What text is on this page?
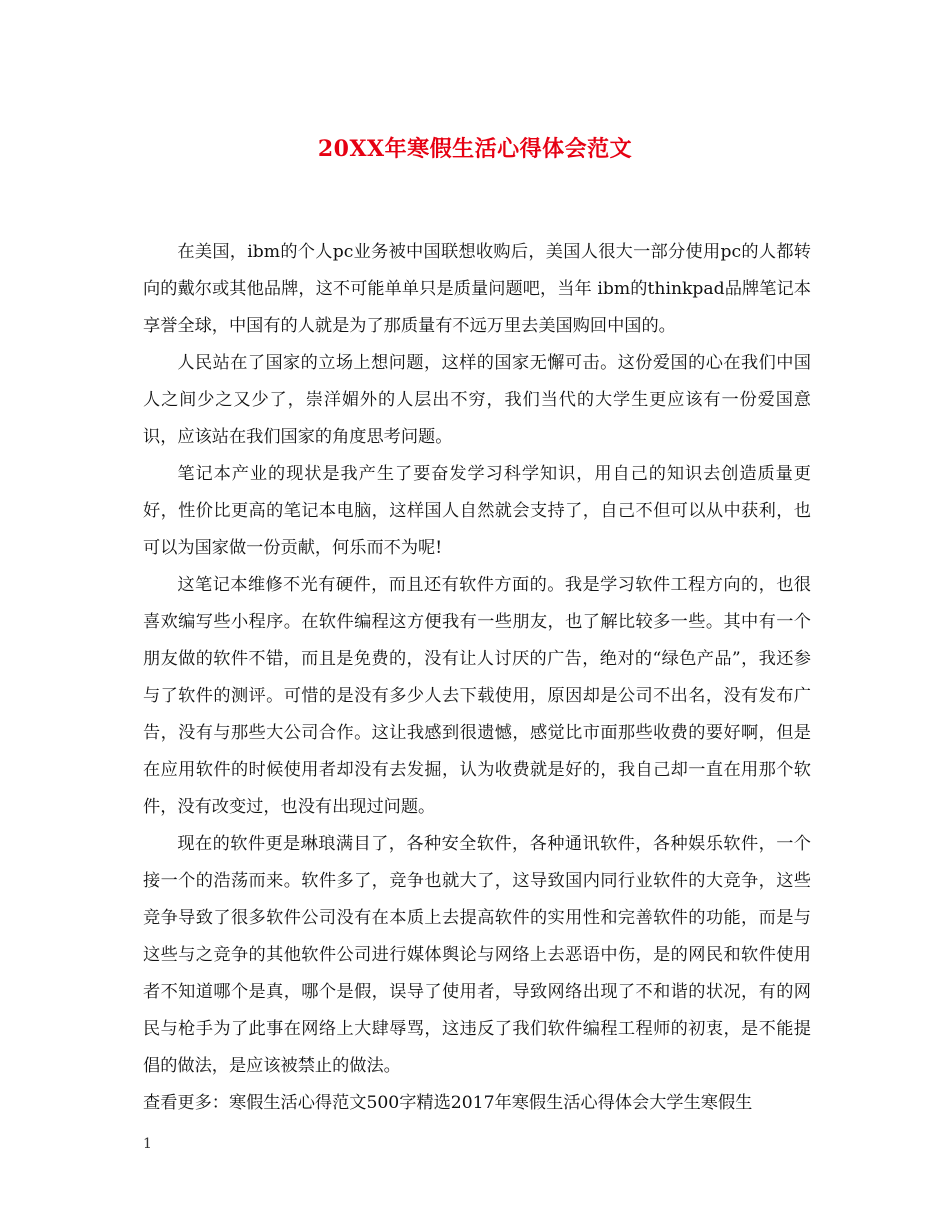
20XX年寒假生活心得体会范文

在美国，ibm的个人pc业务被中国联想收购后，美国人很大一部分使用pc的人都转向的戴尔或其他品牌，这不可能单单只是质量问题吧，当年 ibm的thinkpad品牌笔记本享誉全球，中国有的人就是为了那质量有不远万里去美国购回中国的。

人民站在了国家的立场上想问题，这样的国家无懈可击。这份爱国的心在我们中国人之间少之又少了，崇洋媚外的人层出不穷，我们当代的大学生更应该有一份爱国意识，应该站在我们国家的角度思考问题。

笔记本产业的现状是我产生了要奋发学习科学知识，用自己的知识去创造质量更好，性价比更高的笔记本电脑，这样国人自然就会支持了，自己不但可以从中获利，也可以为国家做一份贡献，何乐而不为呢!

这笔记本维修不光有硬件，而且还有软件方面的。我是学习软件工程方向的，也很喜欢编写些小程序。在软件编程这方便我有一些朋友，也了解比较多一些。其中有一个朋友做的软件不错，而且是免费的，没有让人讨厌的广告，绝对的“绿色产品”，我还参与了软件的测评。可惜的是没有多少人去下载使用，原因却是公司不出名，没有发布广告，没有与那些大公司合作。这让我感到很遗憾，感觉比市面那些收费的要好啊，但是在应用软件的时候使用者却没有去发掘，认为收费就是好的，我自己却一直在用那个软件，没有改变过，也没有出现过问题。

现在的软件更是琳琅满目了，各种安全软件，各种通讯软件，各种娱乐软件，一个接一个的浩荡而来。软件多了，竞争也就大了，这导致国内同行业软件的大竞争，这些竞争导致了很多软件公司没有在本质上去提高软件的实用性和完善软件的功能，而是与这些与之竞争的其他软件公司进行媒体舆论与网络上去恶语中伤，是的网民和软件使用者不知道哪个是真，哪个是假，误导了使用者，导致网络出现了不和谐的状况，有的网民与枪手为了此事在网络上大肆辱骂，这违反了我们软件编程工程师的初衷，是不能提倡的做法，是应该被禁止的做法。

查看更多：寒假生活心得范文500字精选2017年寒假生活心得体会大学生寒假生

1
